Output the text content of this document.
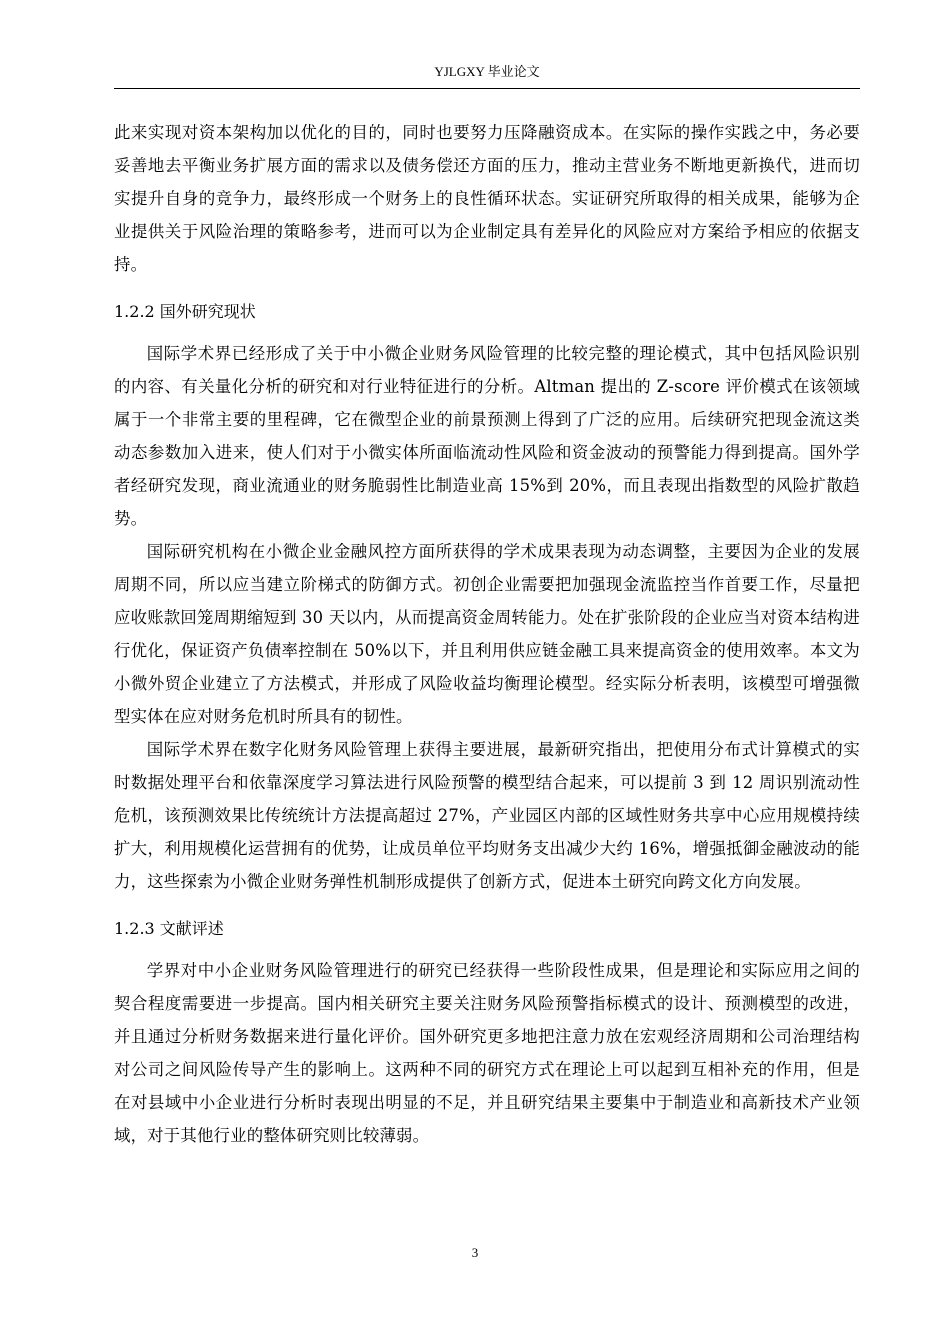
YJLGXY 毕业论文

此来实现对资本架构加以优化的目的，同时也要努力压降融资成本。在实际的操作实践之中，务必要妥善地去平衡业务扩展方面的需求以及债务偿还方面的压力，推动主营业务不断地更新换代，进而切实提升自身的竞争力，最终形成一个财务上的良性循环状态。实证研究所取得的相关成果，能够为企业提供关于风险治理的策略参考，进而可以为企业制定具有差异化的风险应对方案给予相应的依据支持。

1.2.2 国外研究现状

国际学术界已经形成了关于中小微企业财务风险管理的比较完整的理论模式，其中包括风险识别的内容、有关量化分析的研究和对行业特征进行的分析。Altman 提出的 Z-score 评价模式在该领域属于一个非常主要的里程碑，它在微型企业的前景预测上得到了广泛的应用。后续研究把现金流这类动态参数加入进来，使人们对于小微实体所面临流动性风险和资金波动的预警能力得到提高。国外学者经研究发现，商业流通业的财务脆弱性比制造业高 15%到 20%，而且表现出指数型的风险扩散趋势。

国际研究机构在小微企业金融风控方面所获得的学术成果表现为动态调整，主要因为企业的发展周期不同，所以应当建立阶梯式的防御方式。初创企业需要把加强现金流监控当作首要工作，尽量把应收账款回笼周期缩短到 30 天以内，从而提高资金周转能力。处在扩张阶段的企业应当对资本结构进行优化，保证资产负债率控制在 50%以下，并且利用供应链金融工具来提高资金的使用效率。本文为小微外贸企业建立了方法模式，并形成了风险收益均衡理论模型。经实际分析表明，该模型可增强微型实体在应对财务危机时所具有的韧性。

国际学术界在数字化财务风险管理上获得主要进展，最新研究指出，把使用分布式计算模式的实时数据处理平台和依靠深度学习算法进行风险预警的模型结合起来，可以提前 3 到 12 周识别流动性危机，该预测效果比传统统计方法提高超过 27%，产业园区内部的区域性财务共享中心应用规模持续扩大，利用规模化运营拥有的优势，让成员单位平均财务支出减少大约 16%，增强抵御金融波动的能力，这些探索为小微企业财务弹性机制形成提供了创新方式，促进本土研究向跨文化方向发展。

1.2.3 文献评述

学界对中小企业财务风险管理进行的研究已经获得一些阶段性成果，但是理论和实际应用之间的契合程度需要进一步提高。国内相关研究主要关注财务风险预警指标模式的设计、预测模型的改进，并且通过分析财务数据来进行量化评价。国外研究更多地把注意力放在宏观经济周期和公司治理结构对公司之间风险传导产生的影响上。这两种不同的研究方式在理论上可以起到互相补充的作用，但是在对县域中小企业进行分析时表现出明显的不足，并且研究结果主要集中于制造业和高新技术产业领域，对于其他行业的整体研究则比较薄弱。

3
